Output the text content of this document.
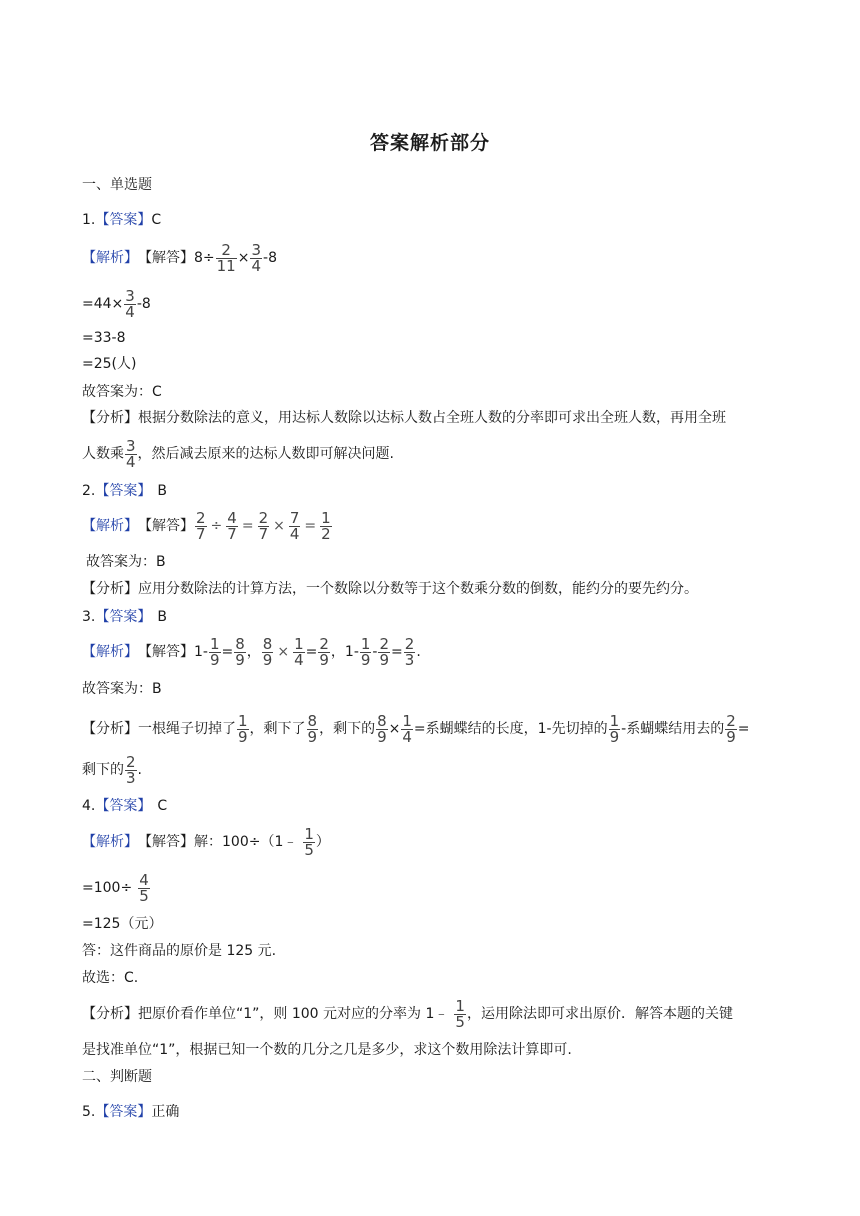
答案解析部分
一、单选题
1. 【答案】 C
【解析】 【解答】 $8\div \frac{2}{11} \times \frac{3}{4} -8$
$=44\times \frac{3}{4} -8$
=33-8
=25(人)
故答案为：C
【分析】 根据分数除法的意义，用达标人数除以达标人数占全班人数的分率即可求出全班人数，再用全班
人数乘 $\frac{3}{4}$ ，然后减去原来的达标人数即可解决问题.
2. 【答案】 B
【解析】 【解答】 $\frac{2}{7} \div \frac{4}{7} = \frac{2}{7} \times \frac{7}{4} = \frac{1}{2}$
故答案为：B
【分析】 应用分数除法的计算方法，一个数除以分数等于这个数乘分数的倒数，能约分的要先约分。
3. 【答案】 B
【解析】 【解答】 $1- \frac{1}{9} = \frac{8}{9}$ ， $\frac{8}{9} \times \frac{1}{4} = \frac{2}{9}$ ，$1- \frac{1}{9} - \frac{2}{9} = \frac{2}{3}$ .
故答案为：B
【分析】 一根绳子切掉了 $\frac{1}{9}$ ，剩下了 $\frac{8}{9}$ ，剩下的 $\frac{8}{9} \times \frac{1}{4}$ =系蝴蝶结的长度，1-先切掉的 $\frac{1}{9}$ -系蝴蝶结用去的 $\frac{2}{9}$ =
剩下的 $\frac{2}{3}$ .
4. 【答案】 C
【解析】 【解答】 解：100÷（1﹣ $\frac{1}{5}$ ）
$=100\div \frac{4}{5}$
=125（元）
答：这件商品的原价是 125 元.
故选：C.
【分析】 把原价看作单位“1”，则 100 元对应的分率为 1﹣ $\frac{1}{5}$ ，运用除法即可求出原价．解答本题的关键
是找准单位“1”，根据已知一个数的几分之几是多少，求这个数用除法计算即可.
二、判断题
5. 【答案】 正确
